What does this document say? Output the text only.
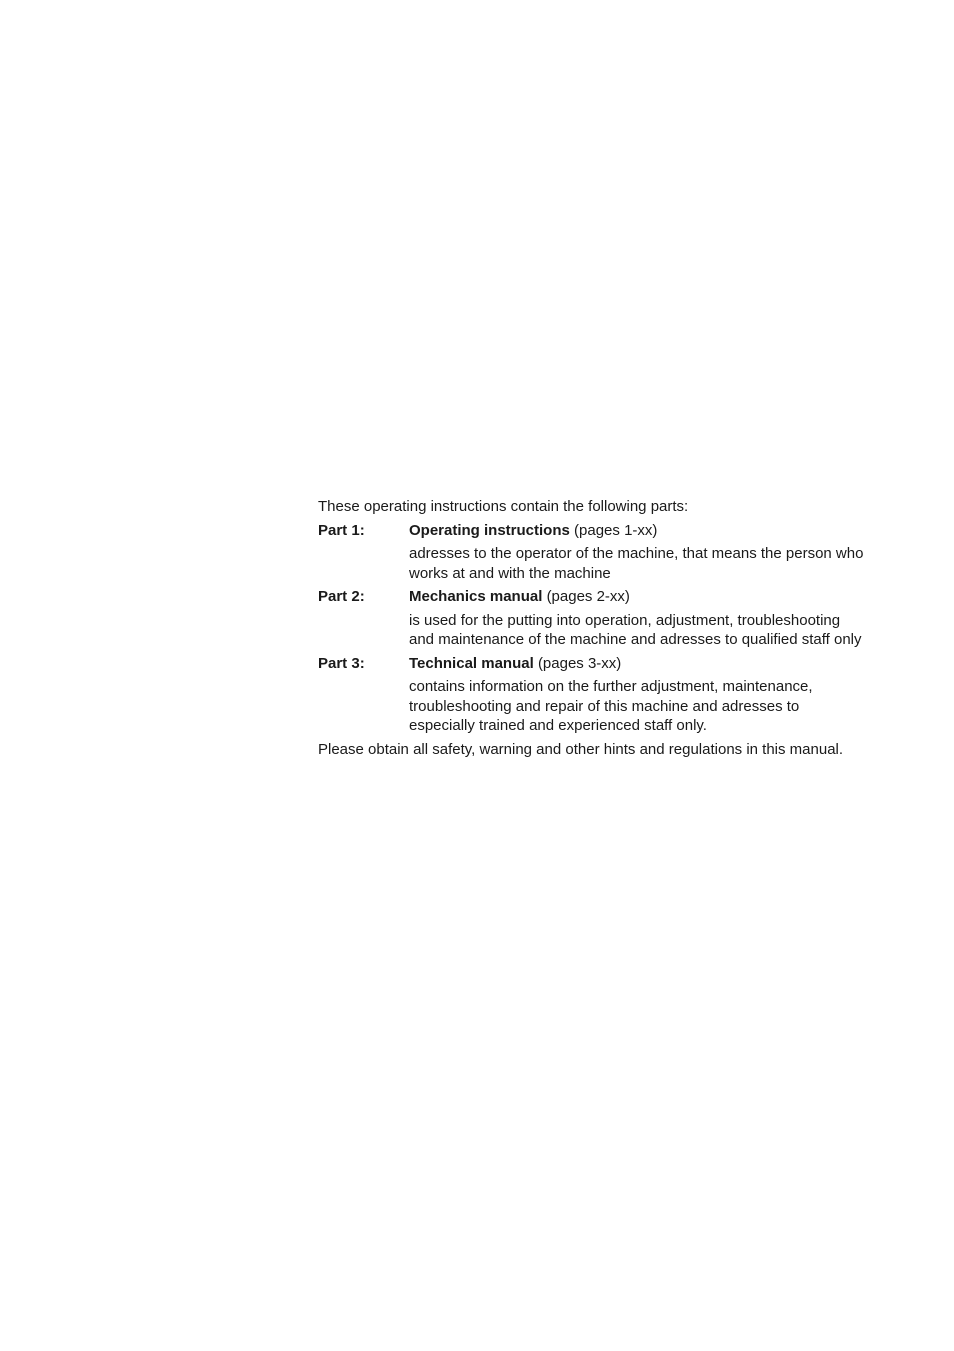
These operating instructions contain the following parts:

Part 1:	Operating instructions (pages 1-xx)

adresses to the operator of the machine, that means the person who works at and with the machine

Part 2:	Mechanics manual (pages 2-xx)

is used for the putting into operation, adjustment, troubleshooting and maintenance of the machine and adresses to qualified staff only

Part 3:	Technical manual (pages 3-xx)

contains information on the further adjustment, maintenance, troubleshooting and repair of this machine and adresses to especially trained and experienced staff only.

Please obtain all safety, warning and other hints and regulations in this manual.
